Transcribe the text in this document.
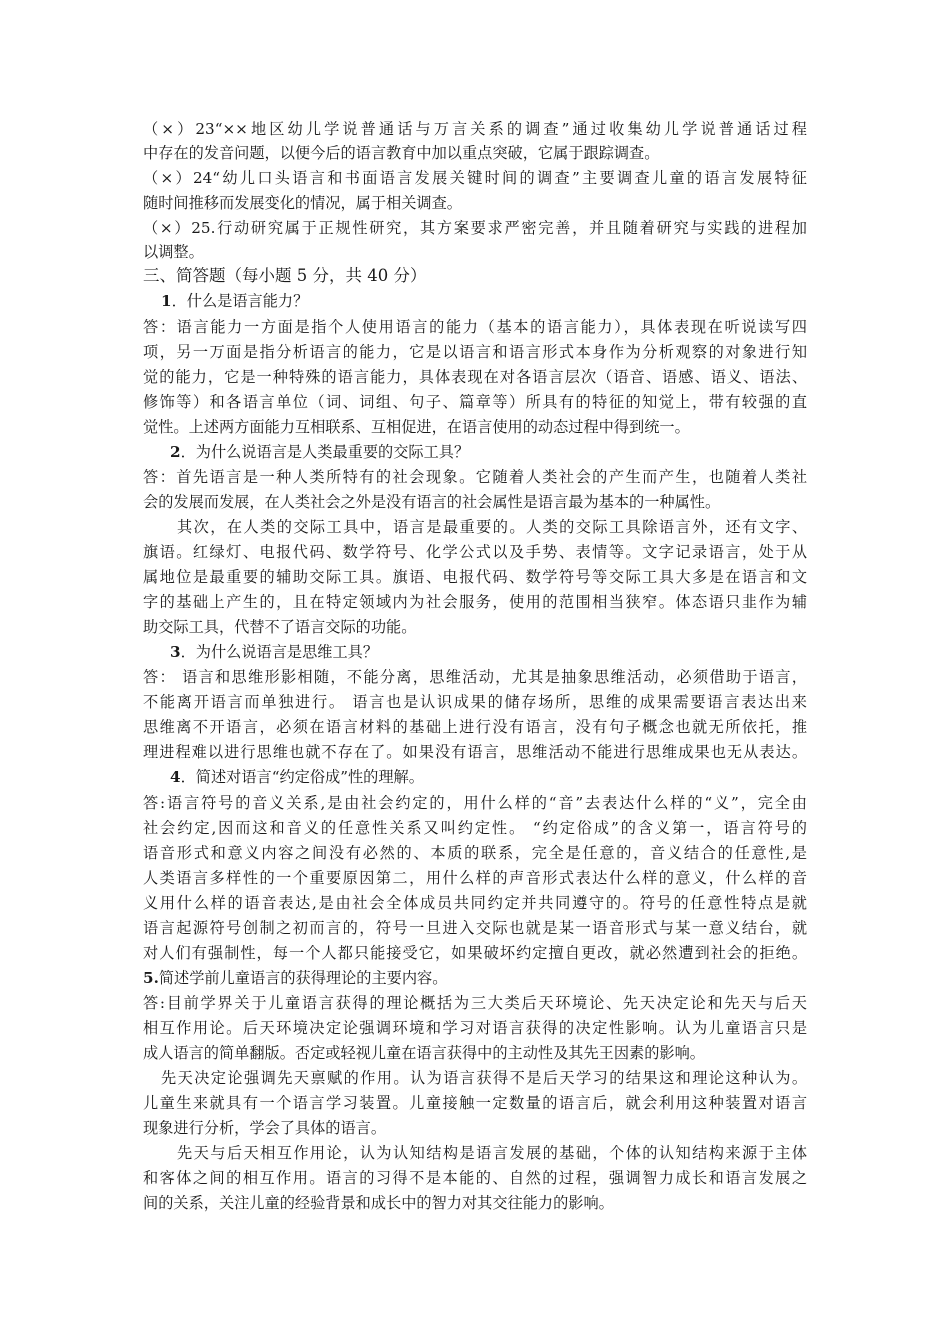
（×）23“××地区幼儿学说普通话与万言关系的调查”通过收集幼儿学说普通话过程
中存在的发音问题，以便今后的语言教育中加以重点突破，它属于跟踪调查。
（×）24“幼儿口头语言和书面语言发展关键时间的调查”主要调查儿童的语言发展特征
随时间推移而发展变化的情况，属于相关调查。
（×）25.行动研究属于正规性研究，其方案要求严密完善，并且随着研究与实践的进程加
以调整。
三、简答题（每小题 5 分，共 40 分）
1．什么是语言能力？
答：语言能力一方面是指个人使用语言的能力（基本的语言能力），具体表现在听说读写四
项，另一万面是指分析语言的能力，它是以语言和语言形式本身作为分析观察的对象进行知
觉的能力，它是一种特殊的语言能力，具体表现在对各语言层次（语音、语感、语义、语法、
修饰等）和各语言单位（词、词组、句子、篇章等）所具有的特征的知觉上，带有较强的直
觉性。上述两方面能力互相联系、互相促进，在语言使用的动态过程中得到统一。
2．为什么说语言是人类最重要的交际工具？
答：首先语言是一种人类所特有的社会现象。它随着人类社会的产生而产生，也随着人类社
会的发展而发展，在人类社会之外是没有语言的社会属性是语言最为基本的一种属性。
其次，在人类的交际工具中，语言是最重要的。人类的交际工具除语言外，还有文字、
旗语。红绿灯、电报代码、数学符号、化学公式以及手势、表情等。文字记录语言，处于从
属地位是最重要的辅助交际工具。旗语、电报代码、数学符号等交际工具大多是在语言和文
字的基础上产生的，且在特定领域内为社会服务，使用的范围相当狭窄。体态语只韭作为辅
助交际工具，代替不了语言交际的功能。
3．为什么说语言是思维工具？
答： 语言和思维形影相随，不能分离，思维活动，尤其是抽象思维活动，必须借助于语言，
不能离开语言而单独进行。 语言也是认识成果的储存场所，思维的成果需要语言表达出来
思维离不开语言，必须在语言材料的基础上进行没有语言，没有句子概念也就无所依托，推
理进程难以进行思维也就不存在了。如果没有语言，思维活动不能进行思维成果也无从表达。
4．简述对语言“约定俗成”性的理解。
答:语言符号的音义关系,是由社会约定的，用什么样的“音”去表达什么样的“义”，完全由
社会约定,因而这和音义的任意性关系又叫约定性。 “约定俗成”的含义第一，语言符号的
语音形式和意义内容之间没有必然的、本质的联系，完全是任意的，音义结合的任意性,是
人类语言多样性的一个重要原因第二，用什么样的声音形式表达什么样的意义，什么样的音
义用什么样的语音表达,是由社会全体成员共同约定并共同遵守的。符号的任意性特点是就
语言起源符号创制之初而言的，符号一旦进入交际也就是某一语音形式与某一意义结台，就
对人们有强制性，每一个人都只能接受它，如果破坏约定擅自更改，就必然遭到社会的拒绝。
5.简述学前儿童语言的获得理论的主要内容。
答:目前学界关于儿童语言获得的理论概括为三大类后天环境论、先天决定论和先天与后天
相互作用论。后天环境决定论强调环境和学习对语言获得的决定性影响。认为儿童语言只是
成人语言的简单翻版。否定或轻视儿童在语言获得中的主动性及其先王因素的影响。
先天决定论强调先天禀赋的作用。认为语言获得不是后天学习的结果这和理论这种认为。
儿童生来就具有一个语言学习装置。儿童接触一定数量的语言后，就会利用这种装置对语言
现象进行分析，学会了具体的语言。
先天与后天相互作用论，认为认知结构是语言发展的基础，个体的认知结构来源于主体
和客体之间的相互作用。语言的习得不是本能的、自然的过程，强调智力成长和语言发展之
间的关系，关注儿童的经验背景和成长中的智力对其交往能力的影响。
